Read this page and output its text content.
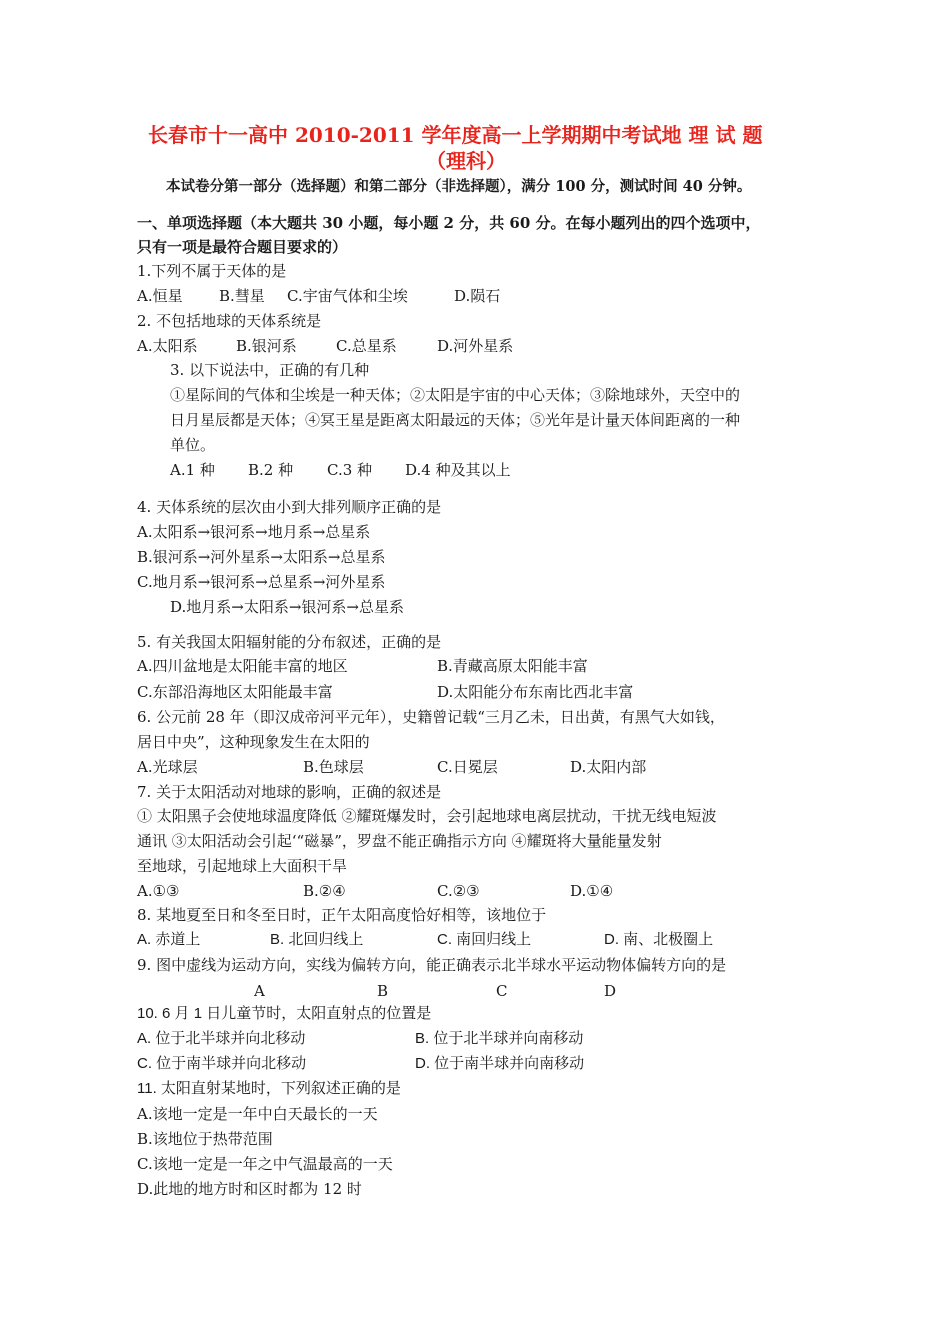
长春市十一高中 2010-2011 学年度高一上学期期中考试地 理 试 题
（理科）
本试卷分第一部分（选择题）和第二部分（非选择题），满分 100 分，测试时间 40 分钟。
一、单项选择题（本大题共 30 小题，每小题 2 分，共 60 分。在每小题列出的四个选项中，
只有一项是最符合题目要求的）
1.下列不属于天体的是
A.恒星 B.彗星 C.宇宙气体和尘埃	D.陨石
2. 不包括地球的天体系统是
A.太阳系	B.银河系	C.总星系	D.河外星系
3. 以下说法中，正确的有几种
①星际间的气体和尘埃是一种天体；②太阳是宇宙的中心天体；③除地球外，天空中的
日月星辰都是天体；④冥王星是距离太阳最远的天体；⑤光年是计量天体间距离的一种
单位。
A.1 种 B.2 种 C.3 种 D.4 种及其以上
4. 天体系统的层次由小到大排列顺序正确的是
A.太阳系→银河系→地月系→总星系
B.银河系→河外星系→太阳系→总星系
C.地月系→银河系→总星系→河外星系
D.地月系→太阳系→银河系→总星系
5. 有关我国太阳辐射能的分布叙述，正确的是
A.四川盆地是太阳能丰富的地区	B.青藏高原太阳能丰富
C.东部沿海地区太阳能最丰富	D.太阳能分布东南比西北丰富
6. 公元前 28 年（即汉成帝河平元年），史籍曾记载“三月乙未，日出黄，有黑气大如钱，
居日中央”，这种现象发生在太阳的
A.光球层	B.色球层	C.日冕层	D.太阳内部
7. 关于太阳活动对地球的影响，正确的叙述是
① 太阳黑子会使地球温度降低 ②耀斑爆发时，会引起地球电离层扰动，干扰无线电短波
通讯 ③太阳活动会引起‘“磁暴”，罗盘不能正确指示方向 ④耀斑将大量能量发射
至地球，引起地球上大面积干旱
A.①③	B.②④	C.②③	D.①④
8. 某地夏至日和冬至日时，正午太阳高度恰好相等，该地位于
A. 赤道上	B. 北回归线上	C. 南回归线上	D. 南、北极圈上
9. 图中虚线为运动方向，实线为偏转方向，能正确表示北半球水平运动物体偏转方向的是
A	B	C	D
10. 6 月 1 日儿童节时，太阳直射点的位置是
A. 位于北半球并向北移动	B. 位于北半球并向南移动
C. 位于南半球并向北移动	D. 位于南半球并向南移动
11. 太阳直射某地时，下列叙述正确的是
A.该地一定是一年中白天最长的一天
B.该地位于热带范围
C.该地一定是一年之中气温最高的一天
D.此地的地方时和区时都为 12 时
